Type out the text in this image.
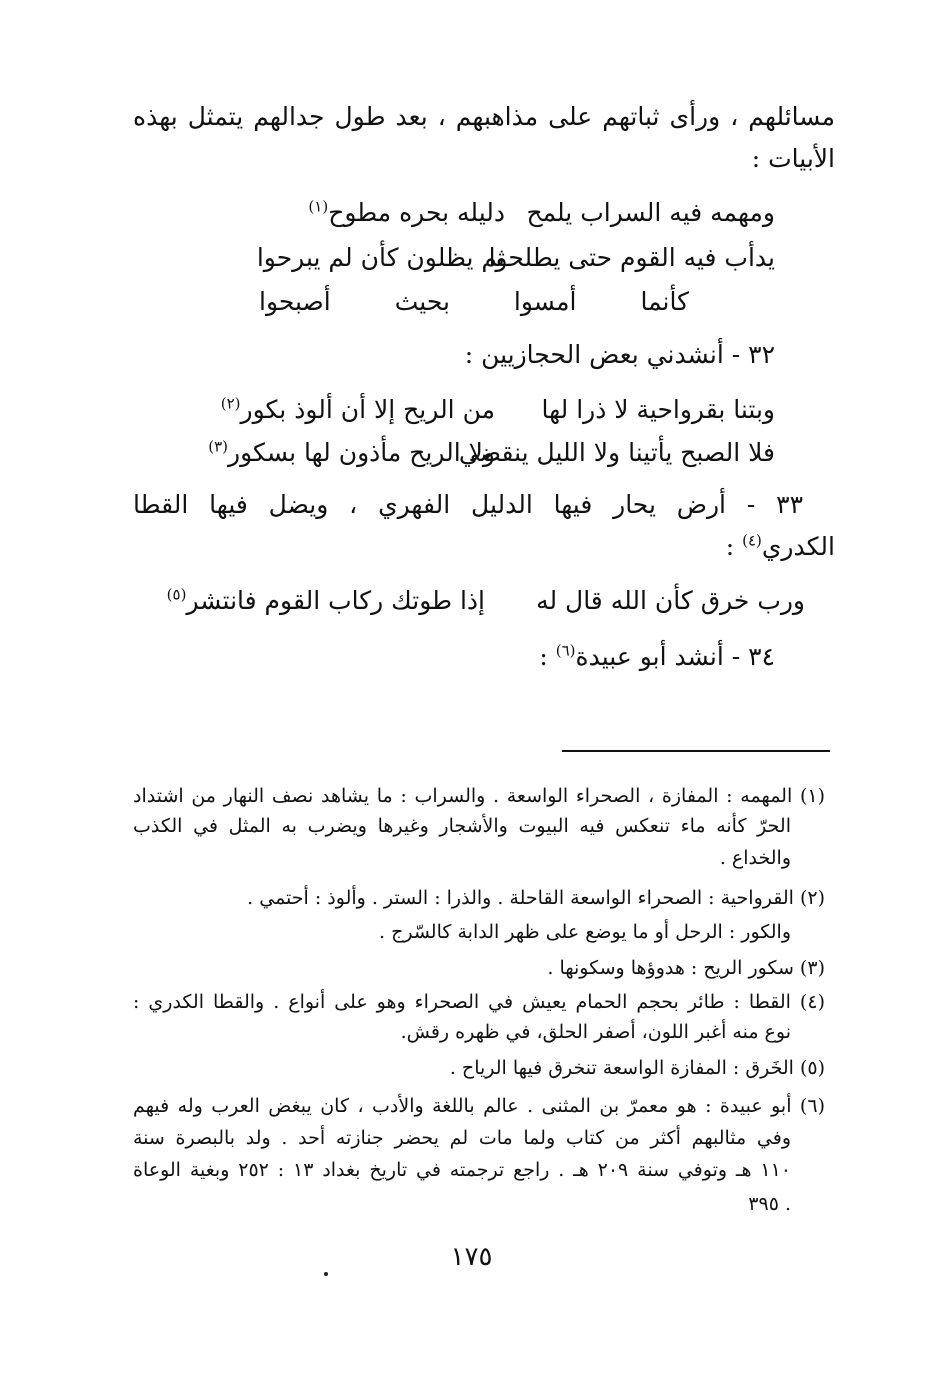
مسائلهم ، ورأى ثباتهم على مذاهبهم ، بعد طول جدالهم يتمثل بهذه
الأبيات :
ومهمه فيه السراب يلمح
دليله بحره مطوح$^{(١)}$
يدأب فيه القوم حتى يطلحوا
ثم يظلون كأن لم يبرحوا
كأنما أمسوا بحيث أصبحوا
٣٢ - أنشدني بعض الحجازيين :
وبتنا بقرواحية لا ذرا لها
من الريح إلا أن ألوذ بكور$^{(٢)}$
فلا الصبح يأتينا ولا الليل ينقضي
ولا الريح مأذون لها بسكور$^{(٣)}$
٣٣ - أرض يحار فيها الدليل الفهري ، ويضل فيها القطا
الكدري$^{(٤)}$ :
ورب خرق كأن الله قال له
إذا طوتك ركاب القوم فانتشر$^{(٥)}$
٣٤ - أنشد أبو عبيدة$^{(٦)}$ :
(١) المهمه : المفازة ، الصحراء الواسعة . والسراب : ما يشاهد نصف النهار من اشتداد
الحرّ كأنه ماء تنعكس فيه البيوت والأشجار وغيرها ويضرب به المثل في الكذب
والخداع .
(٢) القرواحية : الصحراء الواسعة القاحلة . والذرا : الستر . وألوذ : أحتمي .
والكور : الرحل أو ما يوضع على ظهر الدابة كالسّرج .
(٣) سكور الريح : هدوؤها وسكونها .
(٤) القطا : طائر بحجم الحمام يعيش في الصحراء وهو على أنواع . والقطا الكدري :
نوع منه أغبر اللون، أصفر الحلق، في ظهره رقش.
(٥) الخَرق : المفازة الواسعة تنخرق فيها الرياح .
(٦) أبو عبيدة : هو معمرّ بن المثنى . عالم باللغة والأدب ، كان يبغض العرب وله فيهم
وفي مثالبهم أكثر من كتاب ولما مات لم يحضر جنازته أحد . ولد بالبصرة سنة
١١٠ هـ وتوفي سنة ٢٠٩ هـ . راجع ترجمته في تاريخ بغداد ١٣ : ٢٥٢ وبغية الوعاة
٣٩٥ .
١٧٥
